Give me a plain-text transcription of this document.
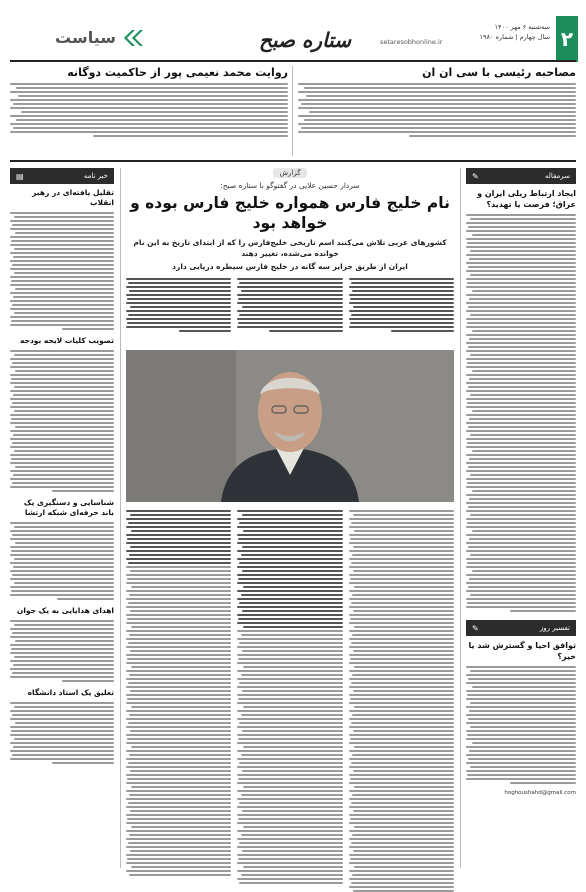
۲
سه‌شنبه ۶ مهر ۱۴۰۰
سال چهارم | شماره ۱۹۸۰
setaresobhonline.ir
ستاره صبح
سیاست
مصاحبه رئیسی با سی ان ان
روایت محمد نعیمی پور از حاکمیت دوگانه
سرمقاله
✎
ایجاد ارتباط ریلی ایران و عراق؛ فرصت یا تهدید؟
تفسیر روز
✎
توافق احیا و گسترش شد یا خیر؟
hoghoushahd@gmail.com
خبر نامه
▤
تقلیل یافته‌ای در رهبر انقلاب
تصویب کلیات لایحه بودجه
شناسایی و دستگیری یک باند حرفه‌ای شبکه ارتشا
اهدای هدایایی به یک جوان
تعلیق یک استاد دانشگاه
گزارش
سردار حسین علایی در گفتوگو با ستاره صبح:
نام خلیج فارس همواره خلیج فارس بوده و خواهد بود
کشورهای عربی تلاش می‌کنند اسم تاریخی خلیج‌فارس را که از ابتدای تاریخ به این نام خوانده می‌شده، تغییر دهند
ایران از طریق جزایر سه گانه در خلیج فارس سیطره دریایی دارد
